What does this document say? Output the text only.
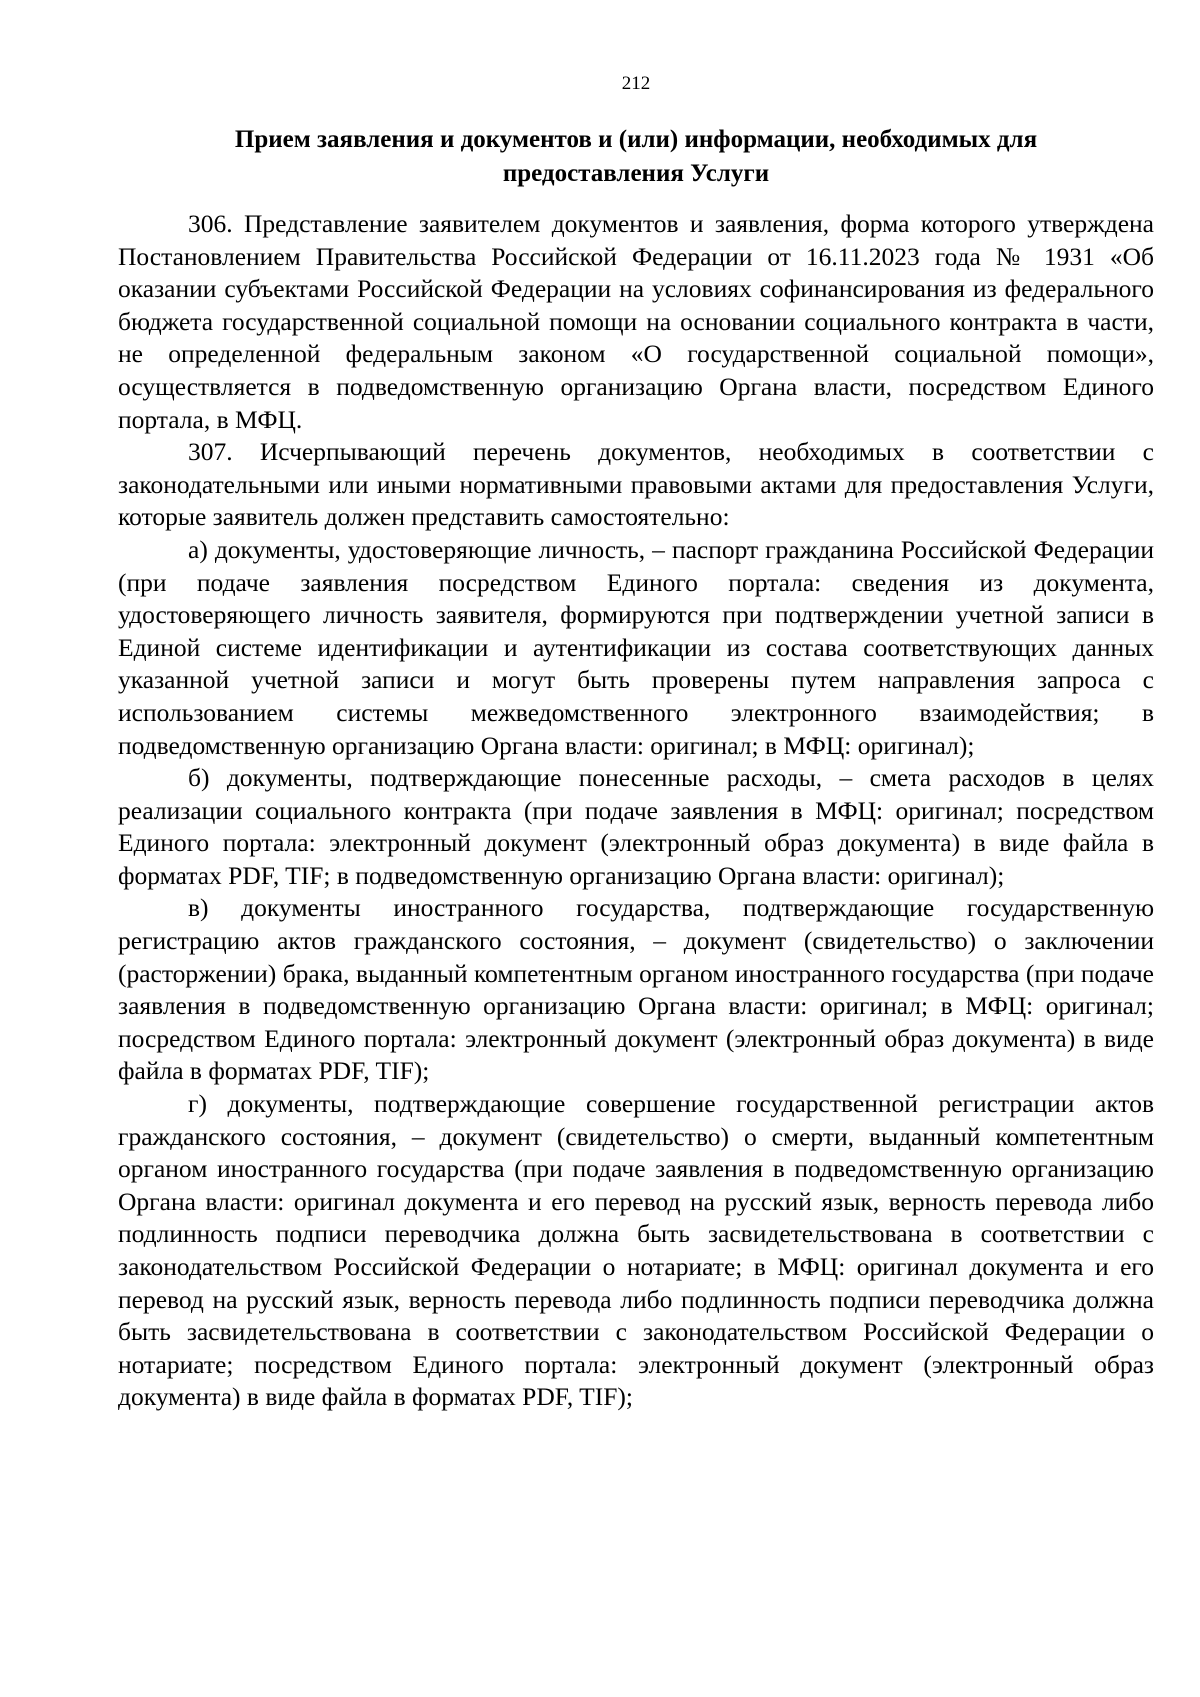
212
Прием заявления и документов и (или) информации, необходимых для
предоставления Услуги

306. Представление заявителем документов и заявления, форма которого утверждена Постановлением Правительства Российской Федерации от 16.11.2023 года № 1931 «Об оказании субъектами Российской Федерации на условиях софинансирования из федерального бюджета государственной социальной помощи на основании социального контракта в части, не определенной федеральным законом «О государственной социальной помощи», осуществляется в подведомственную организацию Органа власти, посредством Единого портала, в МФЦ.

307. Исчерпывающий перечень документов, необходимых в соответствии с законодательными или иными нормативными правовыми актами для предоставления Услуги, которые заявитель должен представить самостоятельно:

а) документы, удостоверяющие личность, – паспорт гражданина Российской Федерации (при подаче заявления посредством Единого портала: сведения из документа, удостоверяющего личность заявителя, формируются при подтверждении учетной записи в Единой системе идентификации и аутентификации из состава соответствующих данных указанной учетной записи и могут быть проверены путем направления запроса с использованием системы межведомственного электронного взаимодействия; в подведомственную организацию Органа власти: оригинал; в МФЦ: оригинал);

б) документы, подтверждающие понесенные расходы, – смета расходов в целях реализации социального контракта (при подаче заявления в МФЦ: оригинал; посредством Единого портала: электронный документ (электронный образ документа) в виде файла в форматах PDF, TIF; в подведомственную организацию Органа власти: оригинал);

в) документы иностранного государства, подтверждающие государственную регистрацию актов гражданского состояния, – документ (свидетельство) о заключении (расторжении) брака, выданный компетентным органом иностранного государства (при подаче заявления в подведомственную организацию Органа власти: оригинал; в МФЦ: оригинал; посредством Единого портала: электронный документ (электронный образ документа) в виде файла в форматах PDF, TIF);

г) документы, подтверждающие совершение государственной регистрации актов гражданского состояния, – документ (свидетельство) о смерти, выданный компетентным органом иностранного государства (при подаче заявления в подведомственную организацию Органа власти: оригинал документа и его перевод на русский язык, верность перевода либо подлинность подписи переводчика должна быть засвидетельствована в соответствии с законодательством Российской Федерации о нотариате; в МФЦ: оригинал документа и его перевод на русский язык, верность перевода либо подлинность подписи переводчика должна быть засвидетельствована в соответствии с законодательством Российской Федерации о нотариате; посредством Единого портала: электронный документ (электронный образ документа) в виде файла в форматах PDF, TIF);
